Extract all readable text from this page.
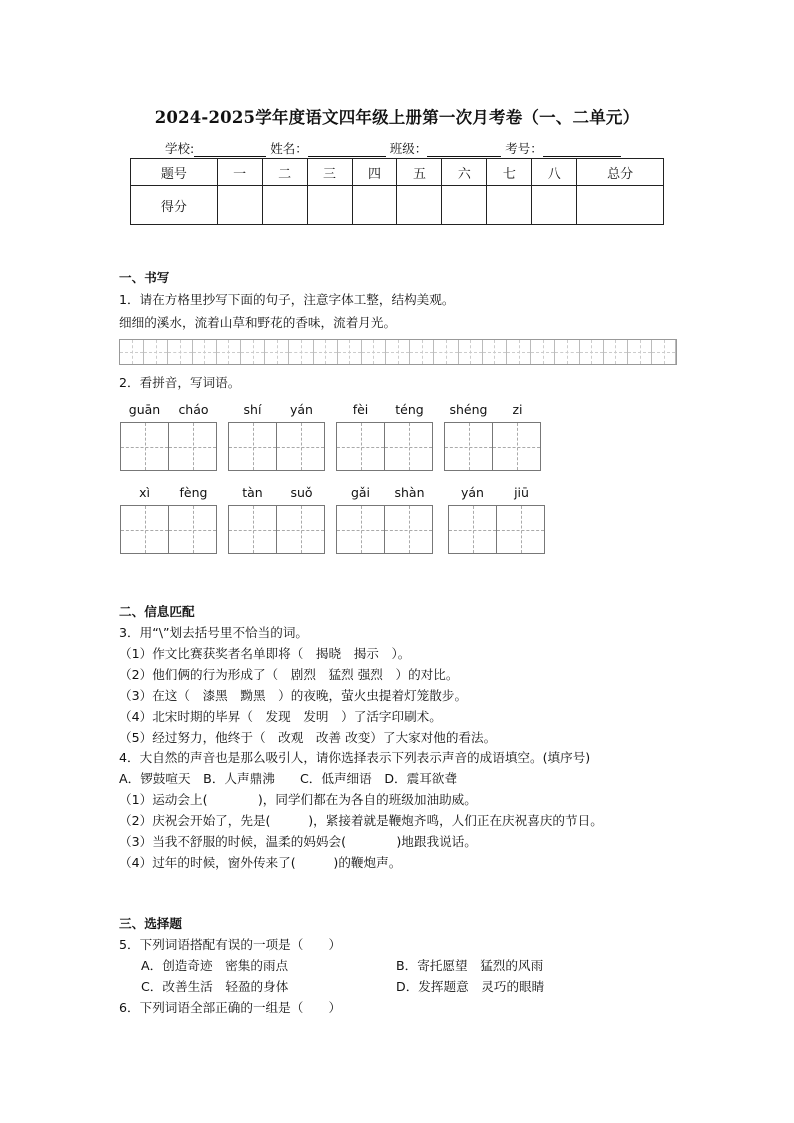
2024-2025学年度语文四年级上册第一次月考卷（一、二单元）
学校:	姓名：	班级：	考号：
题号	一	二	三	四	五	六	七	八	总分
得分									
一、书写
1．请在方格里抄写下面的句子，注意字体工整，结构美观。
细细的溪水，流着山草和野花的香味，流着月光。
2．看拼音，写词语。
guān	cháo	shí	yán	fèi	téng	shéng	zi
xì	fèng	tàn	suǒ	gǎi	shàn	yán	jiū
二、信息匹配
3．用“\”划去括号里不恰当的词。
（1）作文比赛获奖者名单即将（　揭晓　揭示　）。
（2）他们俩的行为形成了（　剧烈　猛烈 强烈　）的对比。
（3）在这（　漆黑　黝黑　）的夜晚，萤火虫提着灯笼散步。
（4）北宋时期的毕昇（　发现　发明　）了活字印刷术。
（5）经过努力，他终于（　改观　改善 改变）了大家对他的看法。
4．大自然的声音也是那么吸引人，请你选择表示下列表示声音的成语填空。(填序号)
A．锣鼓喧天　B．人声鼎沸　　C．低声细语　D．震耳欲聋
（1）运动会上(　　　　)，同学们都在为各自的班级加油助威。
（2）庆祝会开始了，先是(　　　)，紧接着就是鞭炮齐鸣，人们正在庆祝喜庆的节日。
（3）当我不舒服的时候，温柔的妈妈会(　　　　)地跟我说话。
（4）过年的时候，窗外传来了(　　　)的鞭炮声。
三、选择题
5．下列词语搭配有误的一项是（　　）
A．创造奇迹　密集的雨点	B．寄托愿望　猛烈的风雨
C．改善生活　轻盈的身体	D．发挥题意　灵巧的眼睛
6．下列词语全部正确的一组是（　　）
